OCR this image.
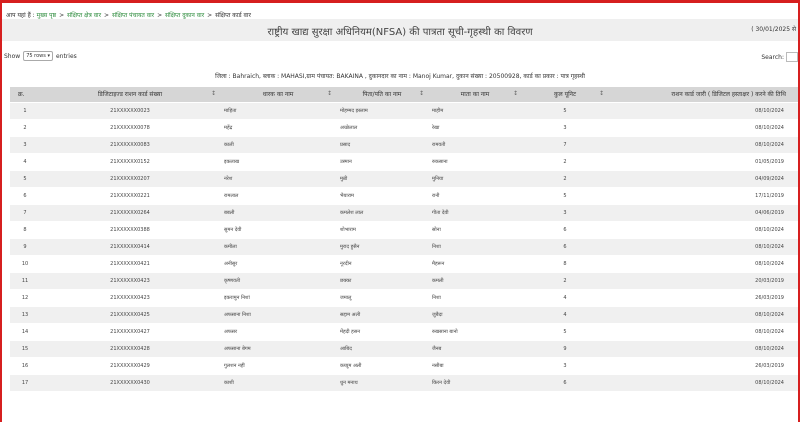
आप यहां हैं : मुख्य पृष्ठ > संक्षिप्त क्षेत्र वार > संक्षिप्त पंचायत वार > संक्षिप्त दुकान वार > संक्षिप्त कार्ड वार
राष्ट्रीय खाद्य सुरक्षा अधिनियम(NFSA) की पात्रता सूची-गृहस्थी का विवरण	( 30/01/2025 से
Show	75 rows ▾	entries	Search:
जिला : Bahraich, ब्लाक : MAHASI,ग्राम पंचायत: BAKAINA , दुकानदार का नाम : Manoj Kumar, दुकान संख्या : 20500928, कार्ड का प्रकार : पात्र गृहस्थी
क्र.	डिजिटाइज्ड राशन कार्ड संख्या ↕	धारक का नाम ↕	पिता/पति का नाम ↕	माता का नाम ↕	कुल यूनिट ↕	राशन कार्ड जारी ( डिजिटल हस्ताक्षर ) करने की तिथि
1	21XXXXXX0023	माहिता	मोहम्मद इस्लाम	माहीम	5	08/10/2024
2	21XXXXXX0078	महेंद्र	अच्छेलाल	रेखा	3	08/10/2024
3	21XXXXXX0083	काली	प्रसाद	रामवती	7	08/10/2024
4	21XXXXXX0152	इकलाख	उस्मान	रुकसाना	2	01/05/2019
5	21XXXXXX0207	नरेश	मुन्नी	मुनिया	2	04/09/2024
6	21XXXXXX0221	रामलाल	भैयाराम	रानी	5	17/11/2019
7	21XXXXXX0264	बबली	कमलेश लाल	गीता देवी	3	04/06/2019
8	21XXXXXX0388	सुमन देवी	शोभाराम	सोना	6	08/10/2024
9	21XXXXXX0414	कमीला	मुराद हुसैन	निशा	6	08/10/2024
10	21XXXXXX0421	अनीसुर	नूरदीन	मैहरून	8	08/10/2024
11	21XXXXXX0423	कृष्णवती	छक्का	कमली	2	20/03/2019
12	21XXXXXX0423	इकरामुन निशां	जमालू	निशा	4	26/03/2019
13	21XXXXXX0425	अफसाना निशा	सद्दाम अली	जुबैदा	4	08/10/2024
14	21XXXXXX0427	अफसर	मेंहदी हसन	रुखसाना बानो	5	08/10/2024
15	21XXXXXX0428	अफसाना बेगम	आबिद	जैनब	9	08/10/2024
16	21XXXXXX0429	गुलशन नहीं	कय्यूम अली	नसीबा	3	26/03/2019
17	21XXXXXX0430	काशी	धुन मनाथ	किरन देवी	6	08/10/2024
